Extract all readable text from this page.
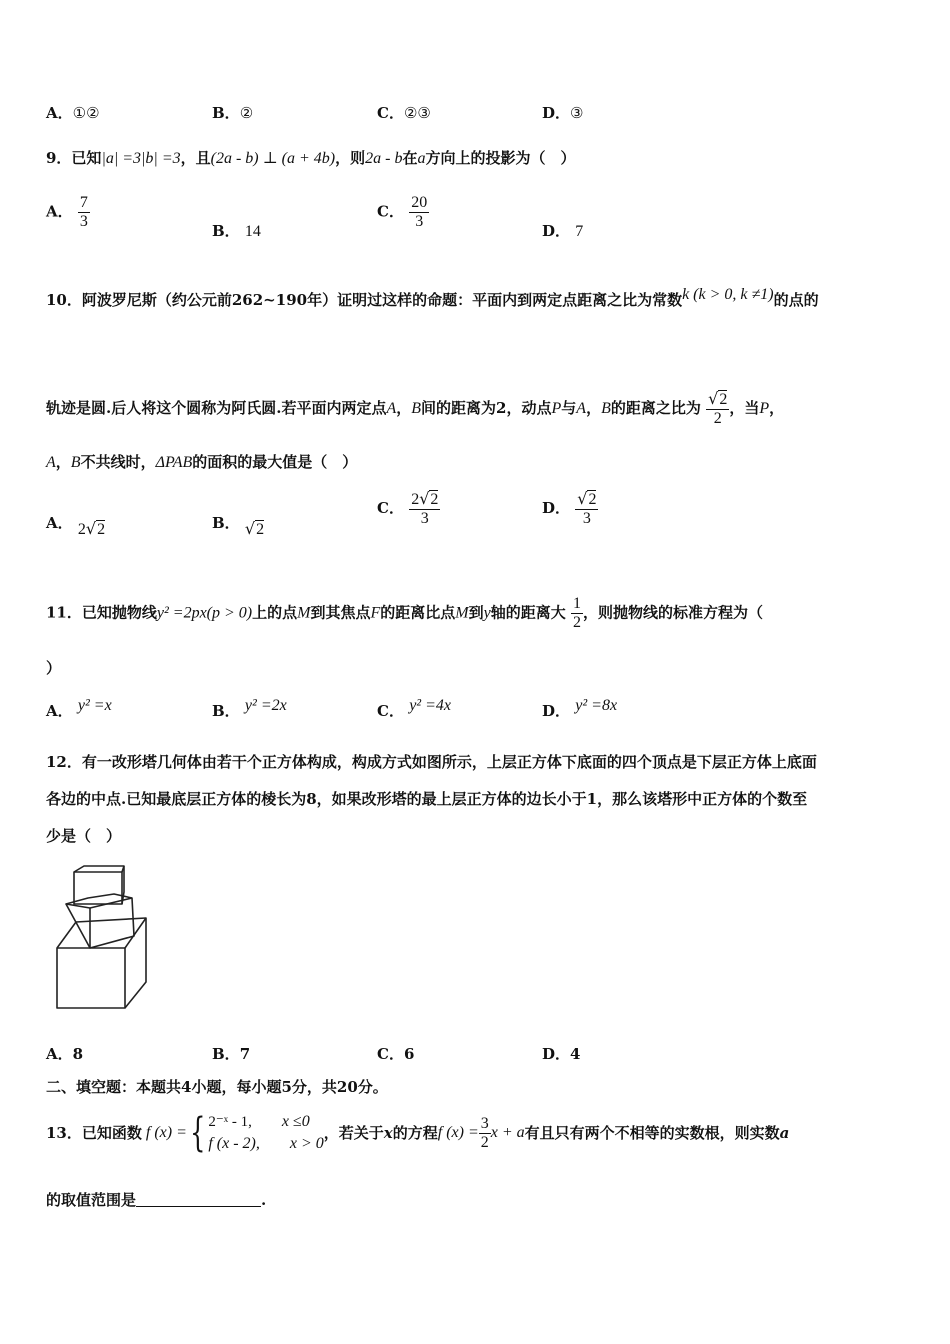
A．①②	B．②	C．②③	D．③
9．已知|a| =3|b| =3，且(2a - b) ⊥ (a + 4b)，则2a - b在a方向上的投影为（　）
A． $\frac{7}{3}$	B． 14
C． $\frac{20}{3}$	D． 7
10．阿波罗尼斯（约公元前262~190年）证明过这样的命题：平面内到两定点距离之比为常数k (k > 0, k ≠1)的点的
轨迹是圆.后人将这个圆称为阿氏圆.若平面内两定点A，B间的距离为2，动点P与A，B的距离之比为 $\frac{√2}{2}$ ，当P，
A，B不共线时，ΔPAB的面积的最大值是（　）
A． 2√2	B． √2
C． $\frac{2√2}{3}$	D． $\frac{√2}{3}$
11．已知抛物线y² =2px(p > 0)上的点M到其焦点F的距离比点M到y轴的距离大 $\frac{1}{2}$ ，则抛物线的标准方程为（
）
A． y² =x	B． y² =2x	C． y² =4x	D． y² =8x
12．有一改形塔几何体由若干个正方体构成，构成方式如图所示，上层正方体下底面的四个顶点是下层正方体上底面
各边的中点.已知最底层正方体的棱长为8，如果改形塔的最上层正方体的边长小于1，那么该塔形中正方体的个数至
少是（　）
A．8	B．7	C．6	D．4
二、填空题：本题共4小题，每小题5分，共20分。
13．已知函数 f (x) = { 2⁻ˣ - 1, x ≤0
f (x - 2), x > 0
，若关于 x 的方程 f $(x) = \frac{3}{2}$ x + a 有且只有两个不相等的实数根，则实数 a
的取值范围是	.
